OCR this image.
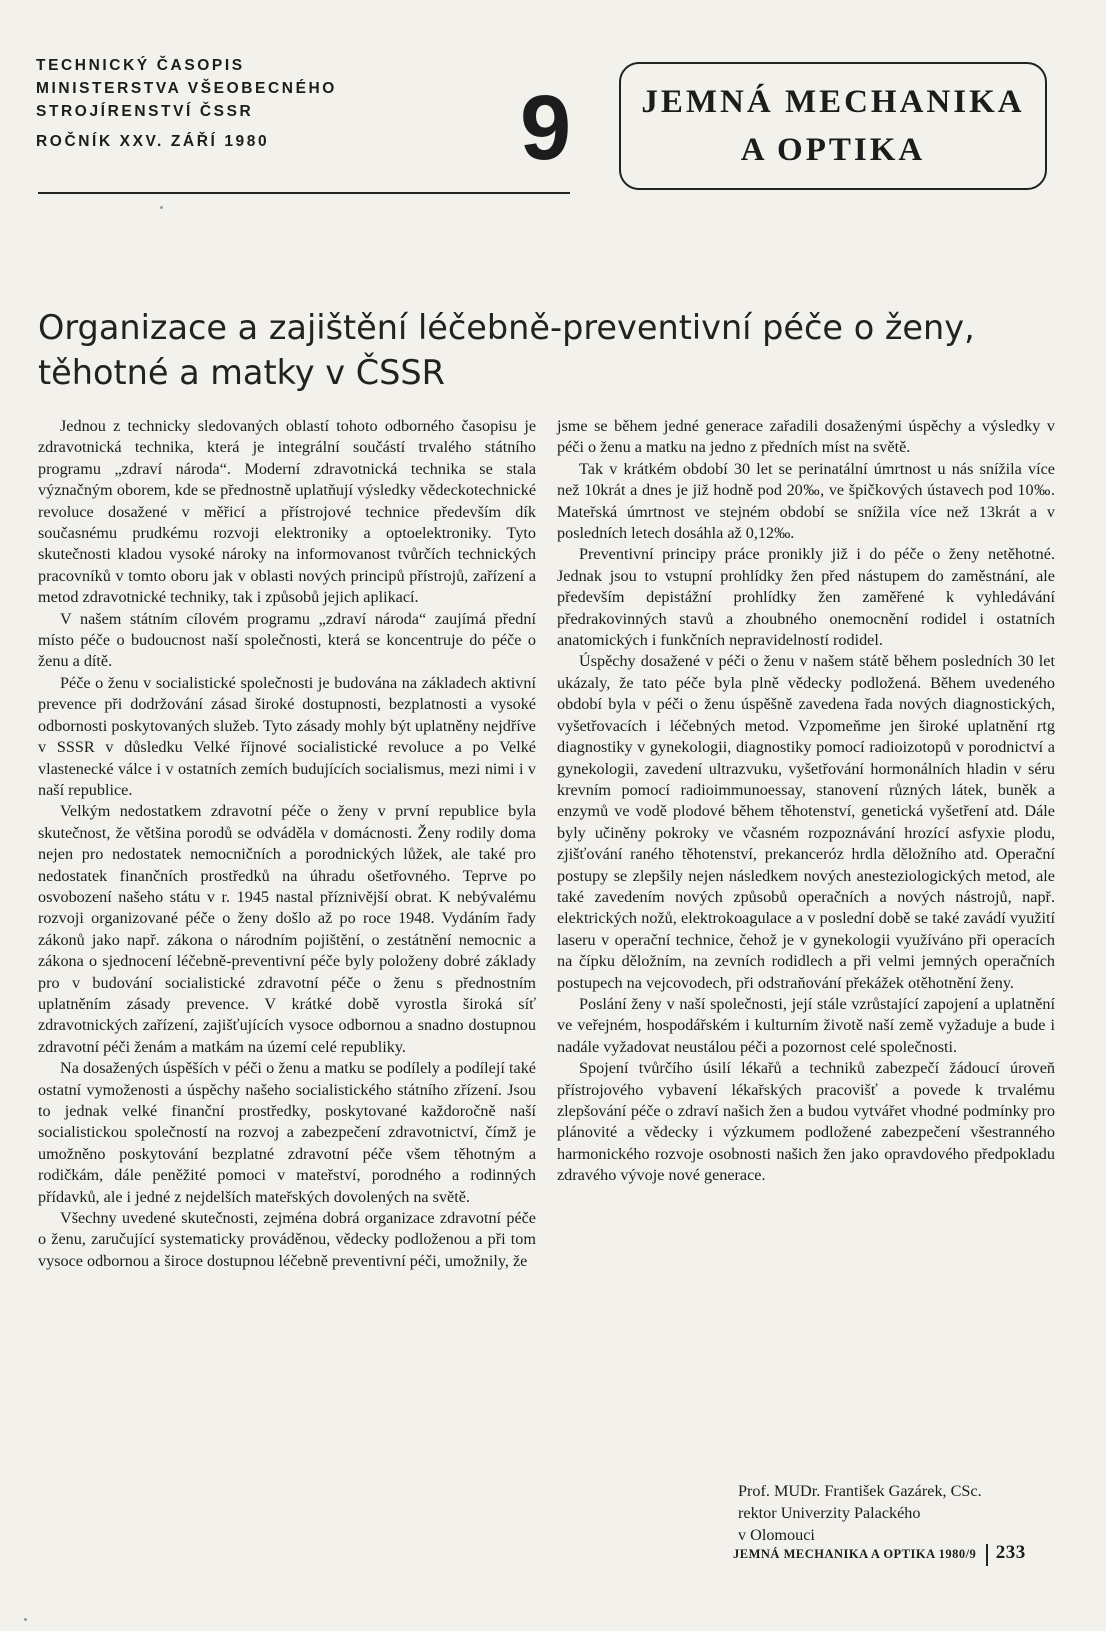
TECHNICKÝ ČASOPIS
MINISTERSTVA VŠEOBECNÉHO
STROJÍRENSTVÍ ČSSR
ROČNÍK XXV. ZÁŘÍ 1980	9	JEMNÁ MECHANIKA
A OPTIKA
Organizace a zajištění léčebně-preventivní péče o ženy,
těhotné a matky v ČSSR

Jednou z technicky sledovaných oblastí tohoto odborného časopisu je zdravotnická technika, která je integrální součástí trvalého státního programu „zdraví národa“. Moderní zdravotnická technika se stala význačným oborem, kde se přednostně uplatňují výsledky vědeckotechnické revoluce dosažené v měřicí a přístrojové technice především dík současnému prudkému rozvoji elektroniky a optoelektroniky. Tyto skutečnosti kladou vysoké nároky na informovanost tvůrčích technických pracovníků v tomto oboru jak v oblasti nových principů přístrojů, zařízení a metod zdravotnické techniky, tak i způsobů jejich aplikací.

V našem státním cílovém programu „zdraví národa“ zaujímá přední místo péče o budoucnost naší společnosti, která se koncentruje do péče o ženu a dítě.

Péče o ženu v socialistické společnosti je budována na základech aktivní prevence při dodržování zásad široké dostupnosti, bezplatnosti a vysoké odbornosti poskytovaných služeb. Tyto zásady mohly být uplatněny nejdříve v SSSR v důsledku Velké říjnové socialistické revoluce a po Velké vlastenecké válce i v ostatních zemích budujících socialismus, mezi nimi i v naší republice.

Velkým nedostatkem zdravotní péče o ženy v první republice byla skutečnost, že většina porodů se odváděla v domácnosti. Ženy rodily doma nejen pro nedostatek nemocničních a porodnických lůžek, ale také pro nedostatek finančních prostředků na úhradu ošetřovného. Teprve po osvobození našeho státu v r. 1945 nastal příznivější obrat. K nebývalému rozvoji organizované péče o ženy došlo až po roce 1948. Vydáním řady zákonů jako např. zákona o národním pojištění, o zestátnění nemocnic a zákona o sjednocení léčebně-preventivní péče byly položeny dobré základy pro v budování socialistické zdravotní péče o ženu s přednostním uplatněním zásady prevence. V krátké době vyrostla široká síť zdravotnických zařízení, zajišťujících vysoce odbornou a snadno dostupnou zdravotní péči ženám a matkám na území celé republiky.

Na dosažených úspěších v péči o ženu a matku se podílely a podílejí také ostatní vymoženosti a úspěchy našeho socialistického státního zřízení. Jsou to jednak velké finanční prostředky, poskytované každoročně naší socialistickou společností na rozvoj a zabezpečení zdravotnictví, čímž je umožněno poskytování bezplatné zdravotní péče všem těhotným a rodičkám, dále peněžité pomoci v mateřství, porodného a rodinných přídavků, ale i jedné z nejdelších mateřských dovolených na světě.

Všechny uvedené skutečnosti, zejména dobrá organizace zdravotní péče o ženu, zaručující systematicky prováděnou, vědecky podloženou a při tom vysoce odbornou a široce dostupnou léčebně preventivní péči, umožnily, že

jsme se během jedné generace zařadili dosaženými úspěchy a výsledky v péči o ženu a matku na jedno z předních míst na světě.

Tak v krátkém období 30 let se perinatální úmrtnost u nás snížila více než 10krát a dnes je již hodně pod 20‰, ve špičkových ústavech pod 10‰. Mateřská úmrtnost ve stejném období se snížila více než 13krát a v posledních letech dosáhla až 0,12‰.

Preventivní principy práce pronikly již i do péče o ženy netěhotné. Jednak jsou to vstupní prohlídky žen před nástupem do zaměstnání, ale především depistážní prohlídky žen zaměřené k vyhledávání předrakovinných stavů a zhoubného onemocnění rodidel i ostatních anatomických i funkčních nepravidelností rodidel.

Úspěchy dosažené v péči o ženu v našem státě během posledních 30 let ukázaly, že tato péče byla plně vědecky podložená. Během uvedeného období byla v péči o ženu úspěšně zavedena řada nových diagnostických, vyšetřovacích i léčebných metod. Vzpomeňme jen široké uplatnění rtg diagnostiky v gynekologii, diagnostiky pomocí radioizotopů v porodnictví a gynekologii, zavedení ultrazvuku, vyšetřování hormonálních hladin v séru krevním pomocí radioimmunoessay, stanovení různých látek, buněk a enzymů ve vodě plodové během těhotenství, genetická vyšetření atd. Dále byly učiněny pokroky ve včasném rozpoznávání hrozící asfyxie plodu, zjišťování raného těhotenství, prekanceróz hrdla děložního atd. Operační postupy se zlepšily nejen následkem nových anesteziologických metod, ale také zavedením nových způsobů operačních a nových nástrojů, např. elektrických nožů, elektrokoagulace a v poslední době se také zavádí využití laseru v operační technice, čehož je v gynekologii využíváno při operacích na čípku děložním, na zevních rodidlech a při velmi jemných operačních postupech na vejcovodech, při odstraňování překážek otěhotnění ženy.

Poslání ženy v naší společnosti, její stále vzrůstající zapojení a uplatnění ve veřejném, hospodářském i kulturním životě naší země vyžaduje a bude i nadále vyžadovat neustálou péči a pozornost celé společnosti.

Spojení tvůrčího úsilí lékařů a techniků zabezpečí žádoucí úroveň přístrojového vybavení lékařských pracovišť a povede k trvalému zlepšování péče o zdraví našich žen a budou vytvářet vhodné podmínky pro plánovité a vědecky i výzkumem podložené zabezpečení všestranného harmonického rozvoje osobnosti našich žen jako opravdového předpokladu zdravého vývoje nové generace.

Prof. MUDr. František Gazárek, CSc.
rektor Univerzity Palackého
v Olomouci
JEMNÁ MECHANIKA A OPTIKA 1980/9 233
